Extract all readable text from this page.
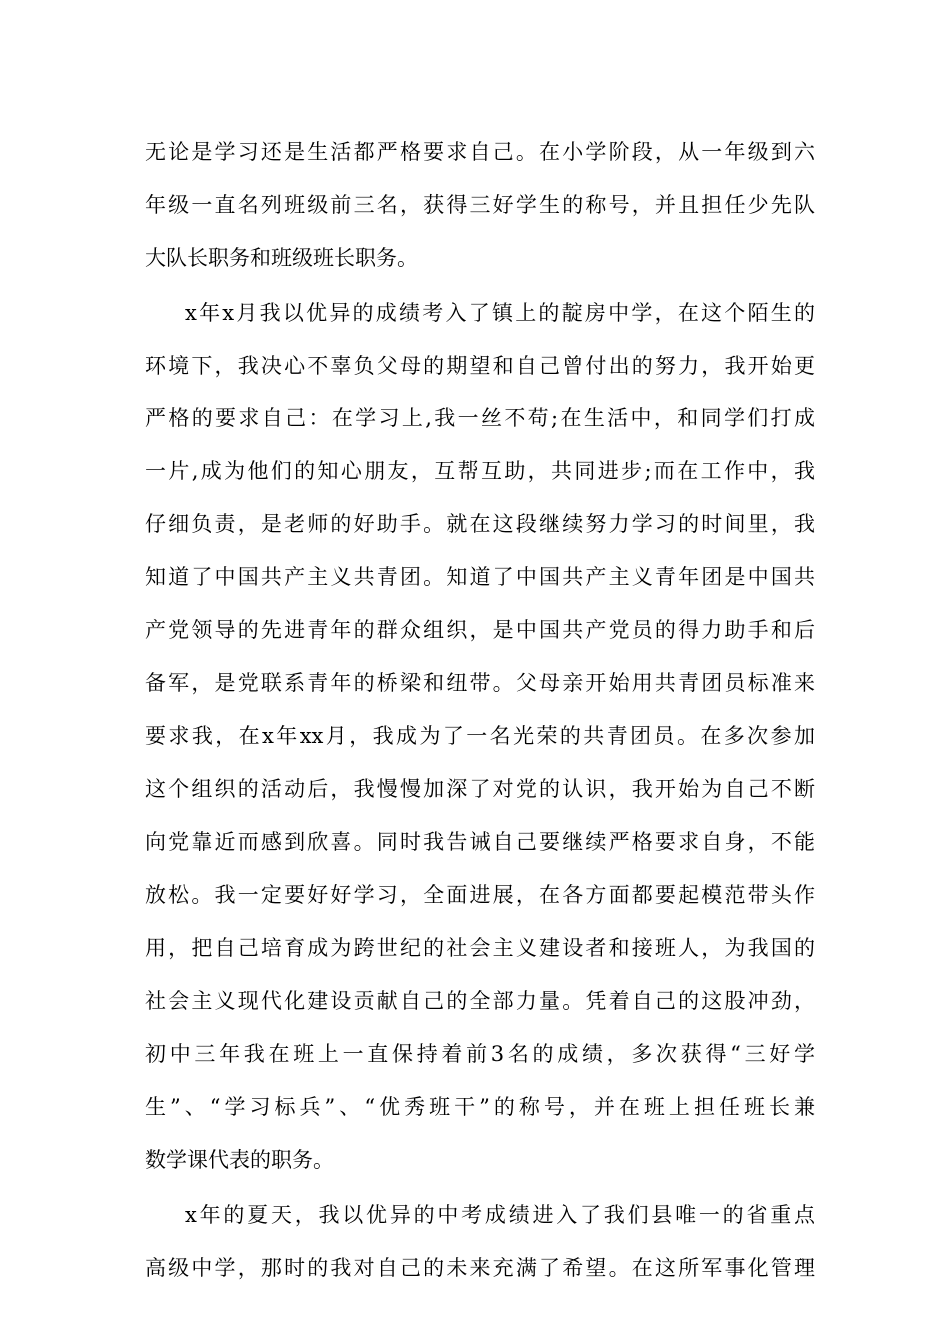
无论是学习还是生活都严格要求自己。在小学阶段，从一年级到六
年级一直名列班级前三名，获得三好学生的称号，并且担任少先队
大队长职务和班级班长职务。
x年x月我以优异的成绩考入了镇上的靛房中学，在这个陌生的
环境下，我决心不辜负父母的期望和自己曾付出的努力，我开始更
严格的要求自己：在学习上,我一丝不苟;在生活中，和同学们打成
一片,成为他们的知心朋友，互帮互助，共同进步;而在工作中，我
仔细负责，是老师的好助手。就在这段继续努力学习的时间里，我
知道了中国共产主义共青团。知道了中国共产主义青年团是中国共
产党领导的先进青年的群众组织，是中国共产党员的得力助手和后
备军，是党联系青年的桥梁和纽带。父母亲开始用共青团员标准来
要求我，在x年xx月，我成为了一名光荣的共青团员。在多次参加
这个组织的活动后，我慢慢加深了对党的认识，我开始为自己不断
向党靠近而感到欣喜。同时我告诫自己要继续严格要求自身，不能
放松。我一定要好好学习，全面进展，在各方面都要起模范带头作
用，把自己培育成为跨世纪的社会主义建设者和接班人，为我国的
社会主义现代化建设贡献自己的全部力量。凭着自己的这股冲劲，
初中三年我在班上一直保持着前3名的成绩，多次获得“三好学
生”、“学习标兵”、“优秀班干”的称号，并在班上担任班长兼
数学课代表的职务。
x年的夏天，我以优异的中考成绩进入了我们县唯一的省重点
高级中学，那时的我对自己的未来充满了希望。在这所军事化管理
